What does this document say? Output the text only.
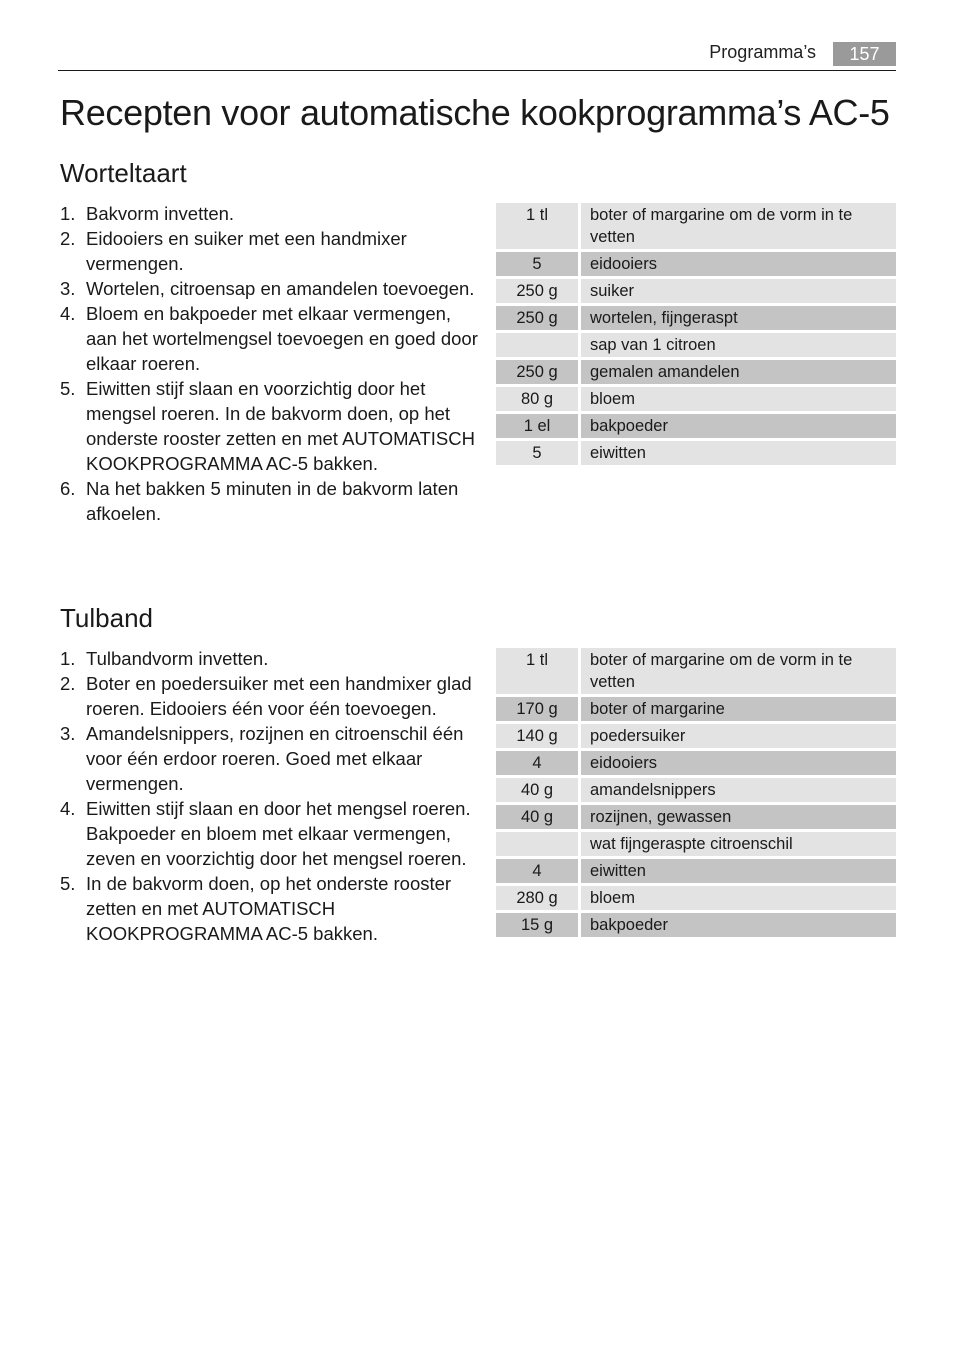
Programma’s	157
Recepten voor automatische kookprogramma’s AC-5
Worteltaart
1. Bakvorm invetten.
2. Eidooiers en suiker met een handmixer vermengen.
3. Wortelen, citroensap en amandelen toevoegen.
4. Bloem en bakpoeder met elkaar vermengen, aan het wortelmengsel toevoegen en goed door elkaar roeren.
5. Eiwitten stijf slaan en voorzichtig door het mengsel roeren. In de bakvorm doen, op het onderste rooster zetten en met AUTOMATISCH KOOKPROGRAMMA AC-5 bakken.
6. Na het bakken 5 minuten in de bakvorm laten afkoelen.
1 tl	boter of margarine om de vorm in te vetten
5	eidooiers
250 g	suiker
250 g	wortelen, fijngeraspt
	sap van 1 citroen
250 g	gemalen amandelen
80 g	bloem
1 el	bakpoeder
5	eiwitten
Tulband
1. Tulbandvorm invetten.
2. Boter en poedersuiker met een handmixer glad roeren. Eidooiers één voor één toevoegen.
3. Amandelsnippers, rozijnen en citroenschil één voor één erdoor roeren. Goed met elkaar vermengen.
4. Eiwitten stijf slaan en door het mengsel roeren. Bakpoeder en bloem met elkaar vermengen, zeven en voorzichtig door het mengsel roeren.
5. In de bakvorm doen, op het onderste rooster zetten en met AUTOMATISCH KOOKPROGRAMMA AC-5 bakken.
1 tl	boter of margarine om de vorm in te vetten
170 g	boter of margarine
140 g	poedersuiker
4	eidooiers
40 g	amandelsnippers
40 g	rozijnen, gewassen
	wat fijngeraspte citroenschil
4	eiwitten
280 g	bloem
15 g	bakpoeder
